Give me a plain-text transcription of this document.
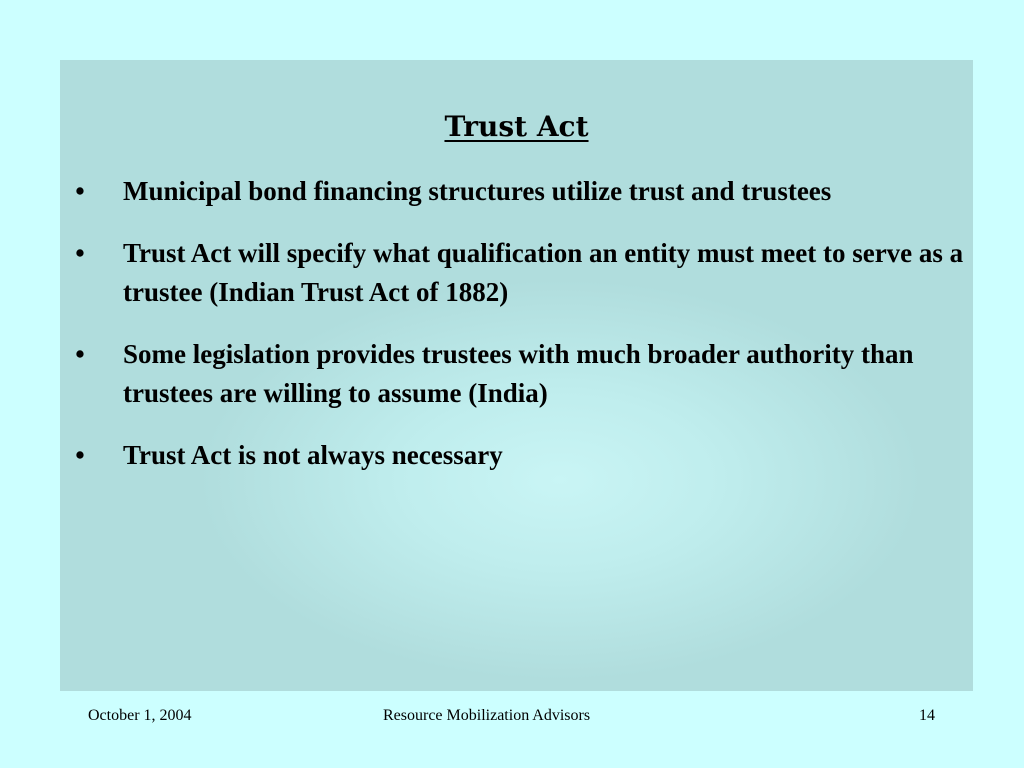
Trust Act
• Municipal bond financing structures utilize trust and trustees
• Trust Act will specify what qualification an entity must meet to serve as a trustee (Indian Trust Act of 1882)
• Some legislation provides trustees with much broader authority than trustees are willing to assume (India)
• Trust Act is not always necessary
October 1, 2004	Resource Mobilization Advisors	14
